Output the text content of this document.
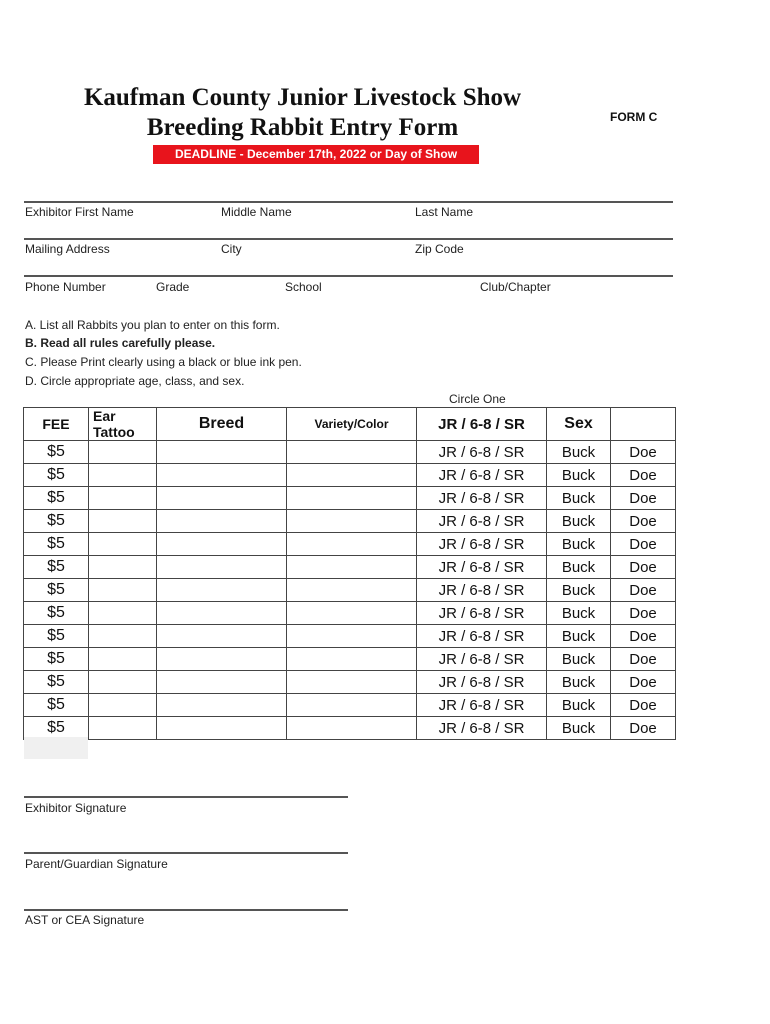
Kaufman County Junior Livestock Show
Breeding Rabbit Entry Form	FORM C
DEADLINE - December 17th, 2022 or Day of Show
Exhibitor First Name	Middle Name	Last Name
Mailing Address	City	Zip Code
Phone Number	Grade	School	Club/Chapter
A. List all Rabbits you plan to enter on this form.
B. Read all rules carefully please.
C. Please Print clearly using a black or blue ink pen.
D. Circle appropriate age, class, and sex.
Circle One
FEE	Ear Tattoo	Breed	Variety/Color	JR / 6-8 / SR	Sex	
$5				JR / 6-8 / SR	Buck	Doe
$5				JR / 6-8 / SR	Buck	Doe
$5				JR / 6-8 / SR	Buck	Doe
$5				JR / 6-8 / SR	Buck	Doe
$5				JR / 6-8 / SR	Buck	Doe
$5				JR / 6-8 / SR	Buck	Doe
$5				JR / 6-8 / SR	Buck	Doe
$5				JR / 6-8 / SR	Buck	Doe
$5				JR / 6-8 / SR	Buck	Doe
$5				JR / 6-8 / SR	Buck	Doe
$5				JR / 6-8 / SR	Buck	Doe
$5				JR / 6-8 / SR	Buck	Doe
$5				JR / 6-8 / SR	Buck	Doe
Exhibitor Signature
Parent/Guardian Signature
AST or CEA Signature
